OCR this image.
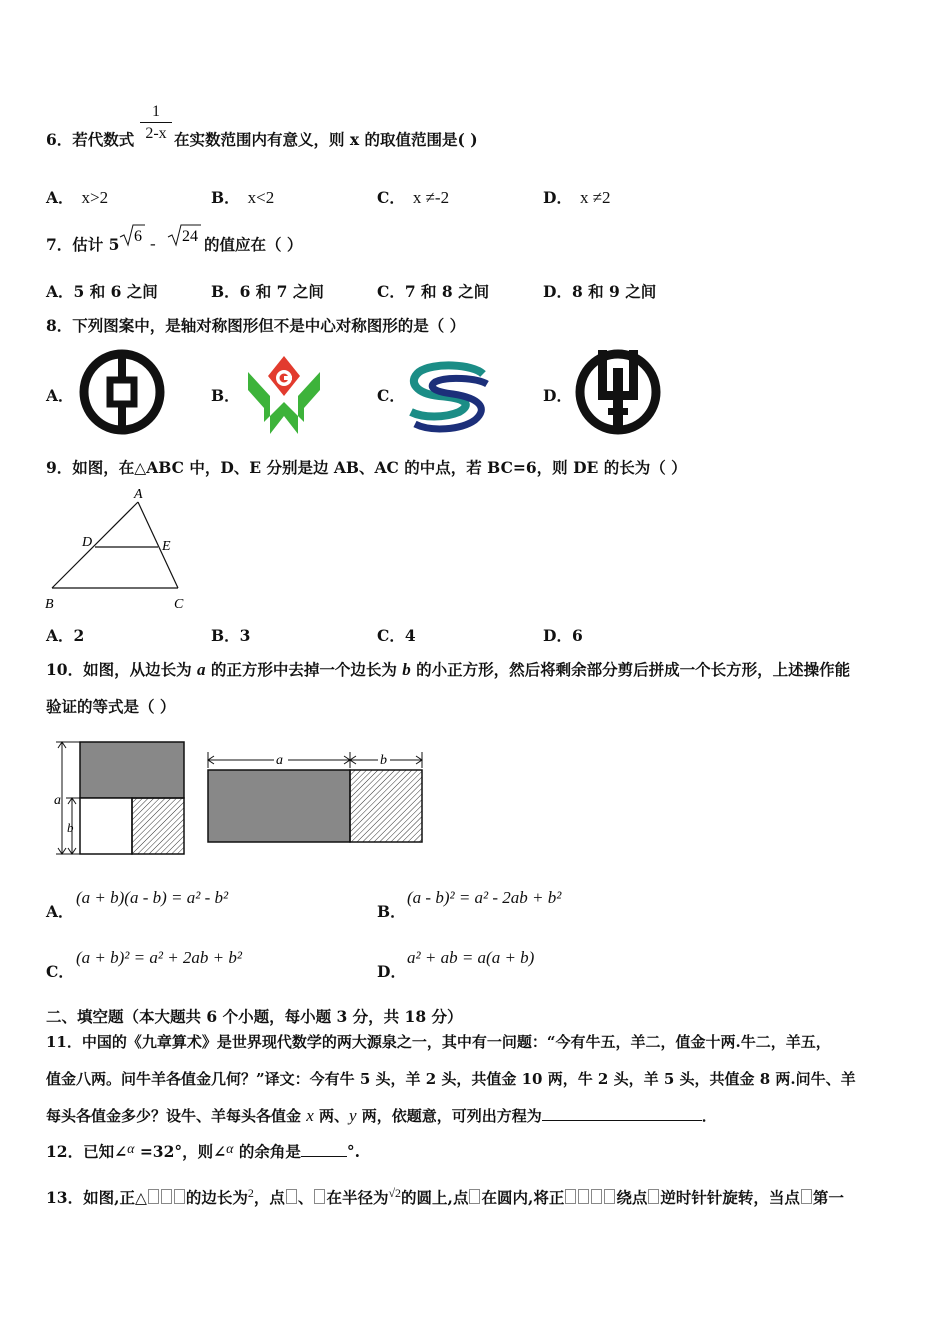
6．若代数式 $\frac{1}{2-x}$ 在实数范围内有意义，则 x 的取值范围是( )
A． x>2	B． x<2	C． x ≠-2	D． x ≠2
7．估计 5 6 - 24 的值应在（ ）
A．5 和 6 之间	B．6 和 7 之间	C．7 和 8 之间	D．8 和 9 之间
8．下列图案中，是轴对称图形但不是中心对称图形的是（ ）
A．	B．	C．	D．
9．如图，在△ABC 中，D、E 分别是边 AB、AC 的中点，若 BC=6，则 DE 的长为（ ）
A
D	E
B	C
A．2	B．3	C．4	D．6
10．如图，从边长为 a 的正方形中去掉一个边长为 b 的小正方形，然后将剩余部分剪后拼成一个长方形，上述操作能
验证的等式是（ ）
a
b
a	b
A．
(a + b)(a - b) = a² - b²
B．
(a - b)² = a² - 2ab + b²
C．
(a + b)² = a² + 2ab + b²
D．
a² + ab = a(a + b)
二、填空题（本大题共 6 个小题，每小题 3 分，共 18 分）
11．中国的《九章算术》是世界现代数学的两大源泉之一，其中有一问题：“今有牛五，羊二，值金十两.牛二，羊五，
值金八两。问牛羊各值金几何？”译文：今有牛 5 头，羊 2 头，共值金 10 两，牛 2 头，羊 5 头，共值金 8 两.问牛、羊
每头各值金多少？设牛、羊每头各值金 x 两、y 两，依题意，可列出方程为	．
12．已知∠α =32°，则∠α 的余角是	°.
13．如图,正△	的边长为$^2$，点 、 在半径为$^{√2}$的圆上,点 在圆内,将正	绕点 逆时针针旋转，当点 第一
